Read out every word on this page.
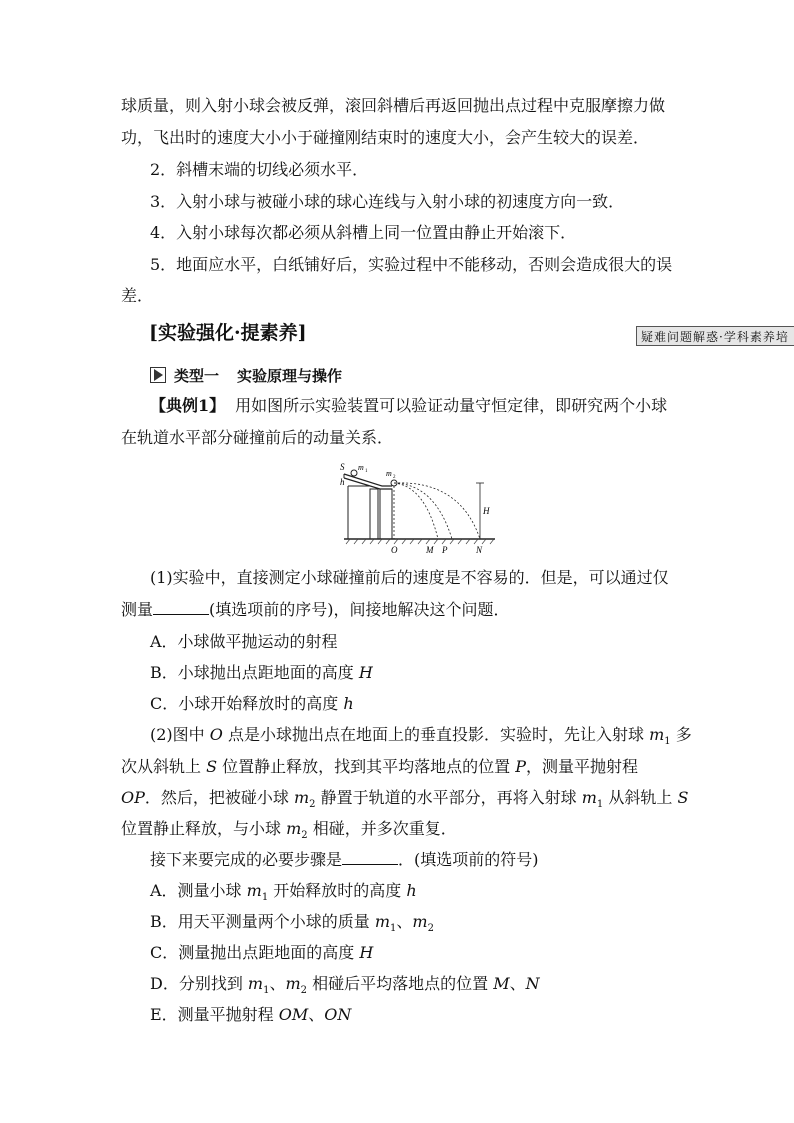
球质量，则入射小球会被反弹，滚回斜槽后再返回抛出点过程中克服摩擦力做
功，飞出时的速度大小小于碰撞刚结束时的速度大小，会产生较大的误差．
2．斜槽末端的切线必须水平．
3．入射小球与被碰小球的球心连线与入射小球的初速度方向一致．
4．入射小球每次都必须从斜槽上同一位置由静止开始滚下．
5．地面应水平，白纸铺好后，实验过程中不能移动，否则会造成很大的误
差．
[实验强化·提素养]	疑难问题解惑·学科素养培
类型一 实验原理与操作
【典例1】 用如图所示实验装置可以验证动量守恒定律，即研究两个小球
在轨道水平部分碰撞前后的动量关系．
S
h
m 1 m 2
H
O	M P	N
(1)实验中，直接测定小球碰撞前后的速度是不容易的．但是，可以通过仅
测量	(填选项前的序号)，间接地解决这个问题．
A．小球做平抛运动的射程
B．小球抛出点距地面的高度 H
C．小球开始释放时的高度 h
(2)图中 O 点是小球抛出点在地面上的垂直投影．实验时，先让入射球 $m_1$ 多
次从斜轨上 S 位置静止释放，找到其平均落地点的位置 P，测量平抛射程
OP．然后，把被碰小球 $m_2$ 静置于轨道的水平部分，再将入射球 $m_1$ 从斜轨上 S
位置静止释放，与小球 $m_2$ 相碰，并多次重复．
接下来要完成的必要步骤是	．(填选项前的符号)
A．测量小球 $m_1$ 开始释放时的高度 h
B．用天平测量两个小球的质量 $m_1$、$m_2$
C．测量抛出点距地面的高度 H
D．分别找到 $m_1$、$m_2$ 相碰后平均落地点的位置 M、N
E．测量平抛射程 OM、ON
